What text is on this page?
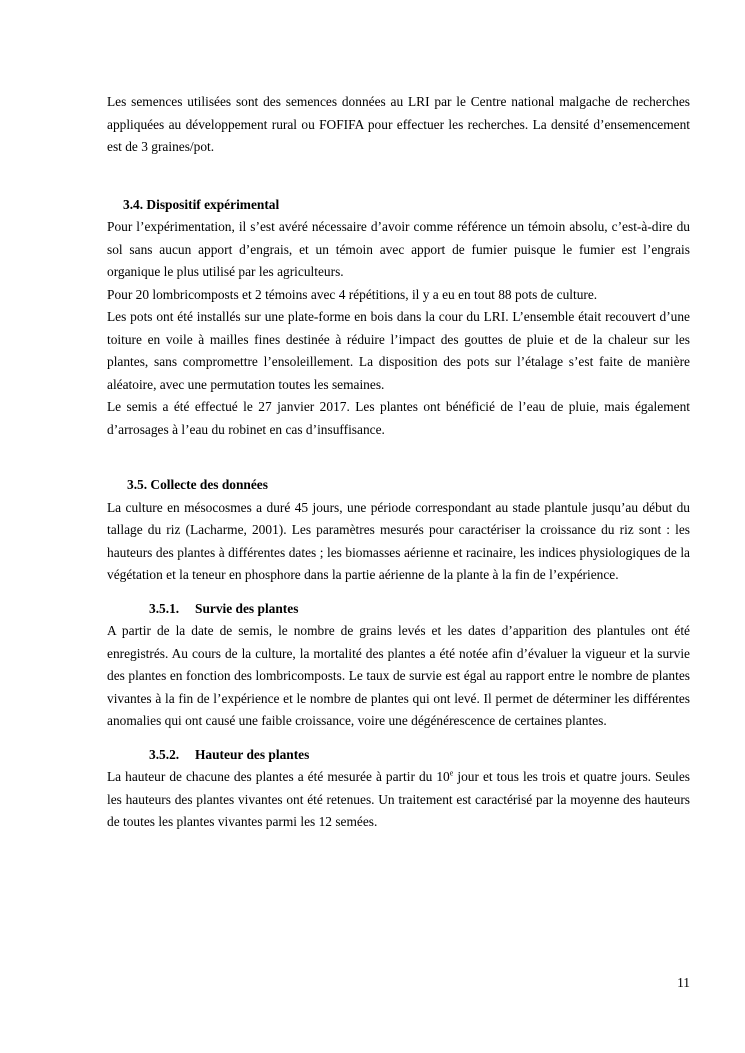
Les semences utilisées sont des semences données au LRI par le Centre national malgache de recherches appliquées au développement rural ou FOFIFA pour effectuer les recherches. La densité d’ensemencement est de 3 graines/pot.

3.4. Dispositif expérimental

Pour l’expérimentation, il s’est avéré nécessaire d’avoir comme référence un témoin absolu, c’est-à-dire du sol sans aucun apport d’engrais, et un témoin avec apport de fumier puisque le fumier est l’engrais organique le plus utilisé par les agriculteurs.

Pour 20 lombricomposts et 2 témoins avec 4 répétitions, il y a eu en tout 88 pots de culture.

Les pots ont été installés sur une plate-forme en bois dans la cour du LRI. L’ensemble était recouvert d’une toiture en voile à mailles fines destinée à réduire l’impact des gouttes de pluie et de la chaleur sur les plantes, sans compromettre l’ensoleillement. La disposition des pots sur l’étalage s’est faite de manière aléatoire, avec une permutation toutes les semaines.

Le semis a été effectué le 27 janvier 2017. Les plantes ont bénéficié de l’eau de pluie, mais également d’arrosages à l’eau du robinet en cas d’insuffisance.

3.5. Collecte des données

La culture en mésocosmes a duré 45 jours, une période correspondant au stade plantule jusqu’au début du tallage du riz (Lacharme, 2001). Les paramètres mesurés pour caractériser la croissance du riz sont : les hauteurs des plantes à différentes dates ; les biomasses aérienne et racinaire, les indices physiologiques de la végétation et la teneur en phosphore dans la partie aérienne de la plante à la fin de l’expérience.

3.5.1. Survie des plantes

A partir de la date de semis, le nombre de grains levés et les dates d’apparition des plantules ont été enregistrés. Au cours de la culture, la mortalité des plantes a été notée afin d’évaluer la vigueur et la survie des plantes en fonction des lombricomposts. Le taux de survie est égal au rapport entre le nombre de plantes vivantes à la fin de l’expérience et le nombre de plantes qui ont levé. Il permet de déterminer les différentes anomalies qui ont causé une faible croissance, voire une dégénérescence de certaines plantes.

3.5.2. Hauteur des plantes

La hauteur de chacune des plantes a été mesurée à partir du 10e jour et tous les trois et quatre jours. Seules les hauteurs des plantes vivantes ont été retenues. Un traitement est caractérisé par la moyenne des hauteurs de toutes les plantes vivantes parmi les 12 semées.

11
